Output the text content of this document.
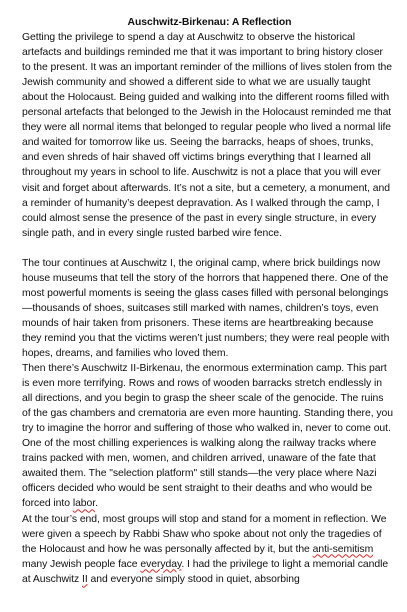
Auschwitz-Birkenau: A Reflection

Getting the privilege to spend a day at Auschwitz to observe the historical artefacts and buildings reminded me that it was important to bring history closer to the present. It was an important reminder of the millions of lives stolen from the Jewish community and showed a different side to what we are usually taught about the Holocaust. Being guided and walking into the different rooms filled with personal artefacts that belonged to the Jewish in the Holocaust reminded me that they were all normal items that belonged to regular people who lived a normal life and waited for tomorrow like us. Seeing the barracks, heaps of shoes, trunks, and even shreds of hair shaved off victims brings everything that I learned all throughout my years in school to life. Auschwitz is not a place that you will ever visit and forget about afterwards. It’s not a site, but a cemetery, a monument, and a reminder of humanity’s deepest depravation. As I walked through the camp, I could almost sense the presence of the past in every single structure, in every single path, and in every single rusted barbed wire fence.

The tour continues at Auschwitz I, the original camp, where brick buildings now house museums that tell the story of the horrors that happened there. One of the most powerful moments is seeing the glass cases filled with personal belongings—thousands of shoes, suitcases still marked with names, children’s toys, even mounds of hair taken from prisoners. These items are heartbreaking because they remind you that the victims weren’t just numbers; they were real people with hopes, dreams, and families who loved them.

Then there’s Auschwitz II-Birkenau, the enormous extermination camp. This part is even more terrifying. Rows and rows of wooden barracks stretch endlessly in all directions, and you begin to grasp the sheer scale of the genocide. The ruins of the gas chambers and crematoria are even more haunting. Standing there, you try to imagine the horror and suffering of those who walked in, never to come out.

One of the most chilling experiences is walking along the railway tracks where trains packed with men, women, and children arrived, unaware of the fate that awaited them. The "selection platform" still stands—the very place where Nazi officers decided who would be sent straight to their deaths and who would be forced into labor.

At the tour’s end, most groups will stop and stand for a moment in reflection. We were given a speech by Rabbi Shaw who spoke about not only the tragedies of the Holocaust and how he was personally affected by it, but the anti-semitism many Jewish people face everyday. I had the privilege to light a memorial candle at Auschwitz II and everyone simply stood in quiet, absorbing
